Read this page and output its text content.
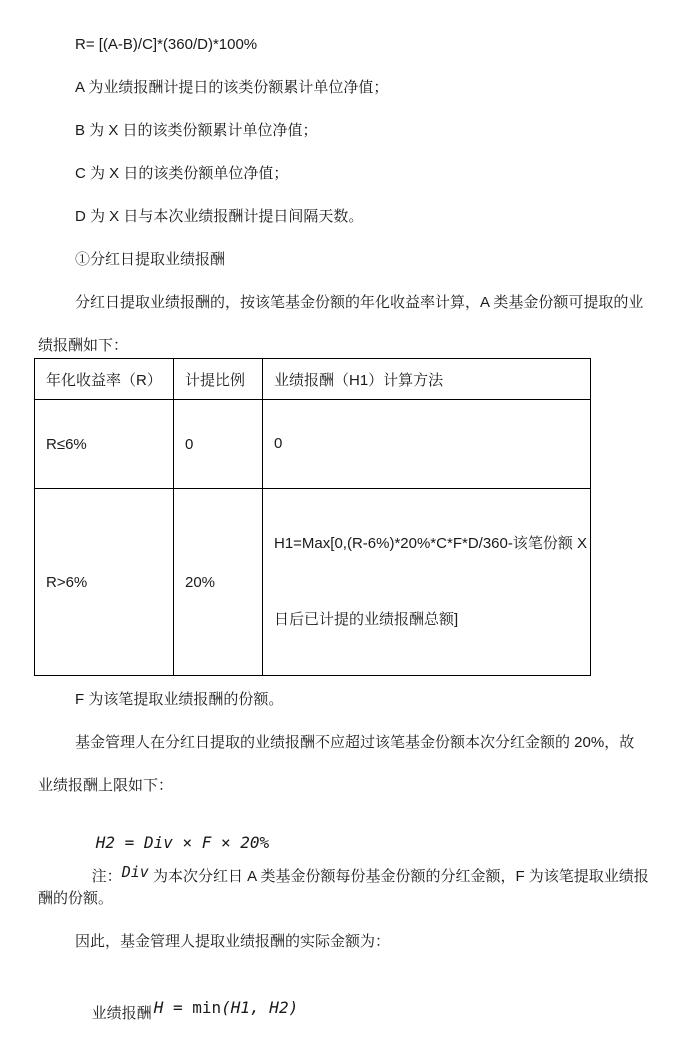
R= [(A-B)/C]*(360/D)*100%
A 为业绩报酬计提日的该类份额累计单位净值；
B 为 X 日的该类份额累计单位净值；
C 为 X 日的该类份额单位净值；
D 为 X 日与本次业绩报酬计提日间隔天数。
①分红日提取业绩报酬
分红日提取业绩报酬的，按该笔基金份额的年化收益率计算，A 类基金份额可提取的业
绩报酬如下：
年化收益率（R）	计提比例	业绩报酬（H1）计算方法
R≤6%	0	0

R>6%	20%	H1=Max[0,(R-6%)*20%*C*F*D/360-该笔份额 X

日后已计提的业绩报酬总额]

F 为该笔提取业绩报酬的份额。
基金管理人在分红日提取的业绩报酬不应超过该笔基金份额本次分红金额的 20%，故
业绩报酬上限如下：

H2 = Div × F × 20%

注：Div 为本次分红日 A 类基金份额每份基金份额的分红金额，F 为该笔提取业绩报

酬的份额。
因此，基金管理人提取业绩报酬的实际金额为：

业绩报酬 H = min(H1, H2)
